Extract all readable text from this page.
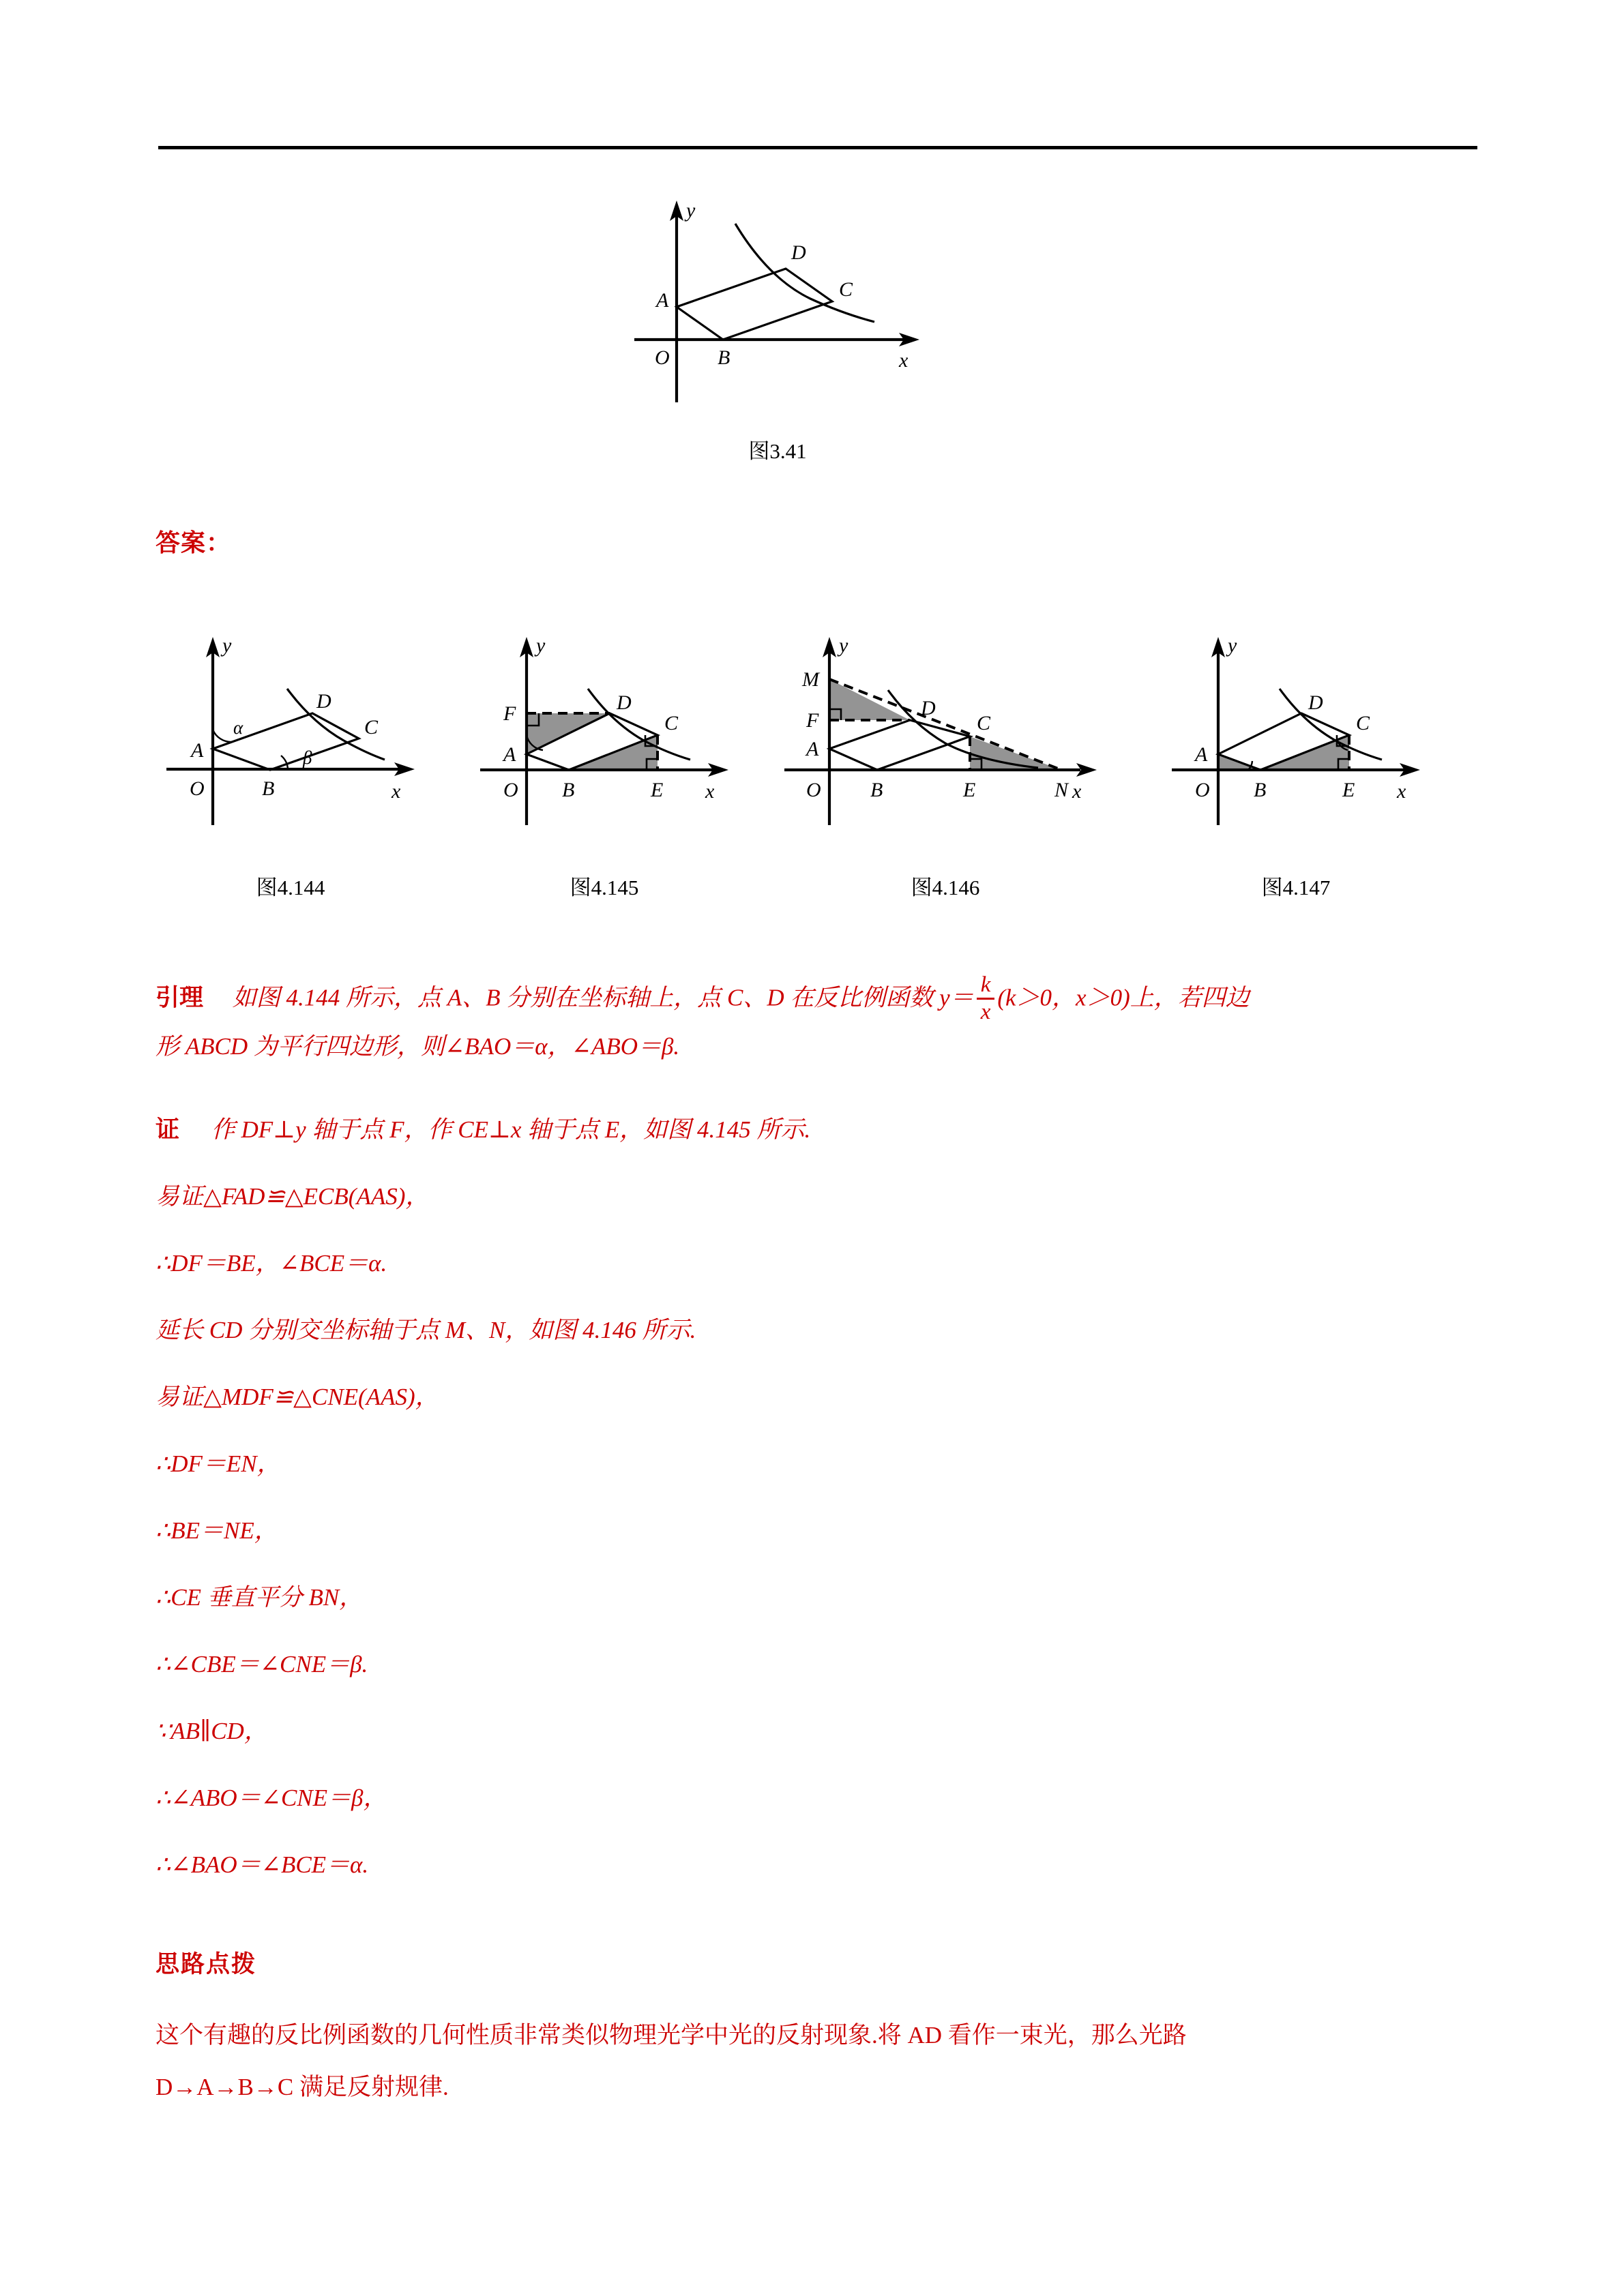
A
B
C
D
O
y
x
图3.41
答案：
A
B
C
D
O
y
x
α
β	A
B
C
D
E
F
O
y
x
A
B
C
D
E
F
M
N
O
y
x
A
B
C
D
E
O
y
x
图4.144	图4.145	图4.146	图4.147
引理 如图 4.144 所示，点 A、B 分别在坐标轴上，点 C、D 在反比例函数 $y= \frac{k}{x} (k>0$，x＞0)上，若四边
形 ABCD 为平行四边形，则∠BAO＝α，∠ABO＝β.
证 作 DF⊥y 轴于点 F，作 CE⊥x 轴于点 E，如图 4.145 所示.
易证△FAD≌△ECB(AAS)，
∴DF＝BE，∠BCE＝α.
延长 CD 分别交坐标轴于点 M、N，如图 4.146 所示.
易证△MDF≌△CNE(AAS)，
∴DF＝EN，
∴BE＝NE，
∴CE 垂直平分 BN，
∴∠CBE＝∠CNE＝β.
∵AB∥CD，
∴∠ABO＝∠CNE＝β，
∴∠BAO＝∠BCE＝α.
思路点拨
这个有趣的反比例函数的几何性质非常类似物理光学中光的反射现象.将 AD 看作一束光，那么光路
D→A→B→C 满足反射规律.
